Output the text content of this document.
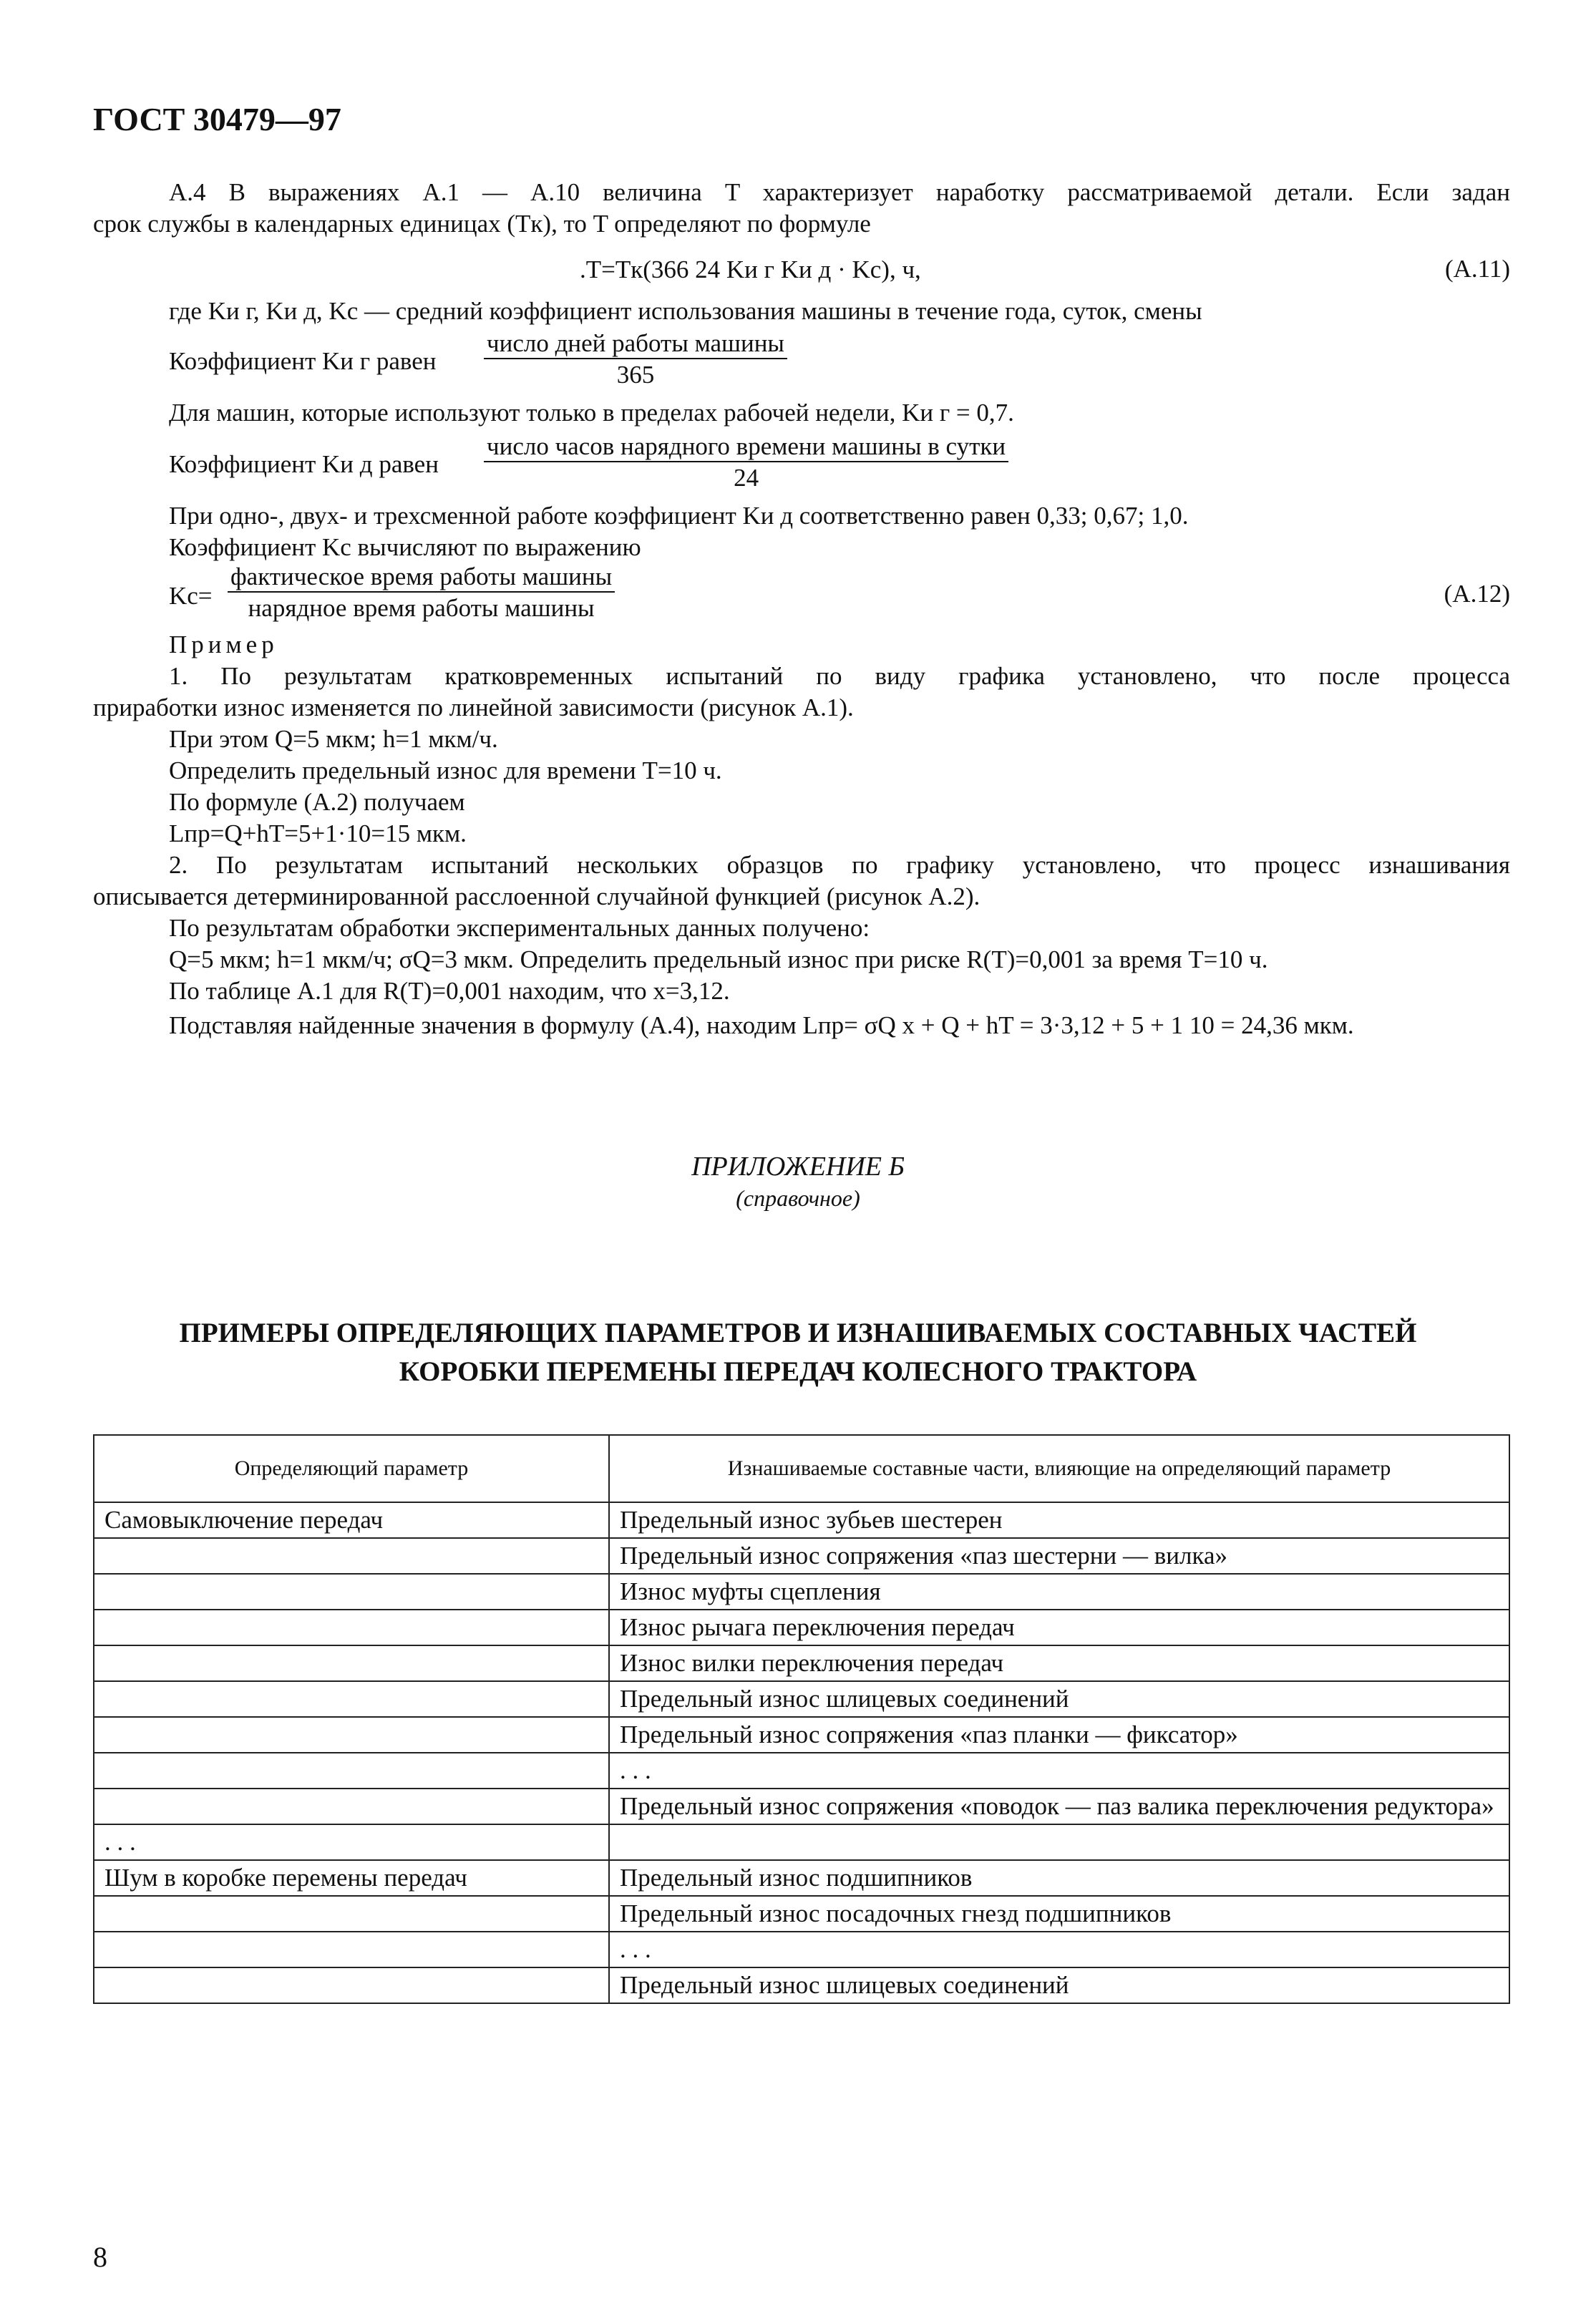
ГОСТ 30479—97
А.4 В выражениях А.1 — А.10 величина T характеризует наработку рассматриваемой детали. Если задан
срок службы в календарных единицах (Tк), то T определяют по формуле
.T=Tк(366 24 Kи г Kи д · Kс), ч,	(А.11)
где Kи г, Kи д, Kс — средний коэффициент использования машины в течение года, суток, смены
Коэффициент Kи г равен
число дней работы машины
365
Для машин, которые используют только в пределах рабочей недели, Kи г = 0,7.
Коэффициент Kи д равен
число часов нарядного времени машины в сутки
24
При одно-, двух- и трехсменной работе коэффициент Kи д соответственно равен 0,33; 0,67; 1,0.
Коэффициент Kс вычисляют по выражению
Kс=
фактическое время работы машины
нарядное время работы машины
(А.12)
Пример
1. По результатам кратковременных испытаний по виду графика установлено, что после процесса
приработки износ изменяется по линейной зависимости (рисунок А.1).
При этом Q=5 мкм; h=1 мкм/ч.
Определить предельный износ для времени T=10 ч.
По формуле (А.2) получаем
Lпр=Q+hT=5+1·10=15 мкм.
2. По результатам испытаний нескольких образцов по графику установлено, что процесс изнашивания
описывается детерминированной расслоенной случайной функцией (рисунок А.2).
По результатам обработки экспериментальных данных получено:
Q=5 мкм; h=1 мкм/ч; σQ=3 мкм. Определить предельный износ при риске R(T)=0,001 за время T=10 ч.
По таблице А.1 для R(T)=0,001 находим, что x=3,12.
Подставляя найденные значения в формулу (А.4), находим Lпр= σQ x + Q + hT = 3·3,12 + 5 + 1 10 = 24,36 мкм.
ПРИЛОЖЕНИЕ Б
(справочное)
ПРИМЕРЫ ОПРЕДЕЛЯЮЩИХ ПАРАМЕТРОВ И ИЗНАШИВАЕМЫХ СОСТАВНЫХ ЧАСТЕЙ
КОРОБКИ ПЕРЕМЕНЫ ПЕРЕДАЧ КОЛЕСНОГО ТРАКТОРА
Определяющий параметр	Изнашиваемые составные части, влияющие на определяющий параметр
Самовыключение передач	Предельный износ зубьев шестерен
	Предельный износ сопряжения «паз шестерни — вилка»
	Износ муфты сцепления
	Износ рычага переключения передач
	Износ вилки переключения передач
	Предельный износ шлицевых соединений
	Предельный износ сопряжения «паз планки — фиксатор»
	. . .
	Предельный износ сопряжения «поводок — паз валика переключения редуктора»
. . .	
Шум в коробке перемены передач	Предельный износ подшипников
	Предельный износ посадочных гнезд подшипников
	. . .
	Предельный износ шлицевых соединений
8
